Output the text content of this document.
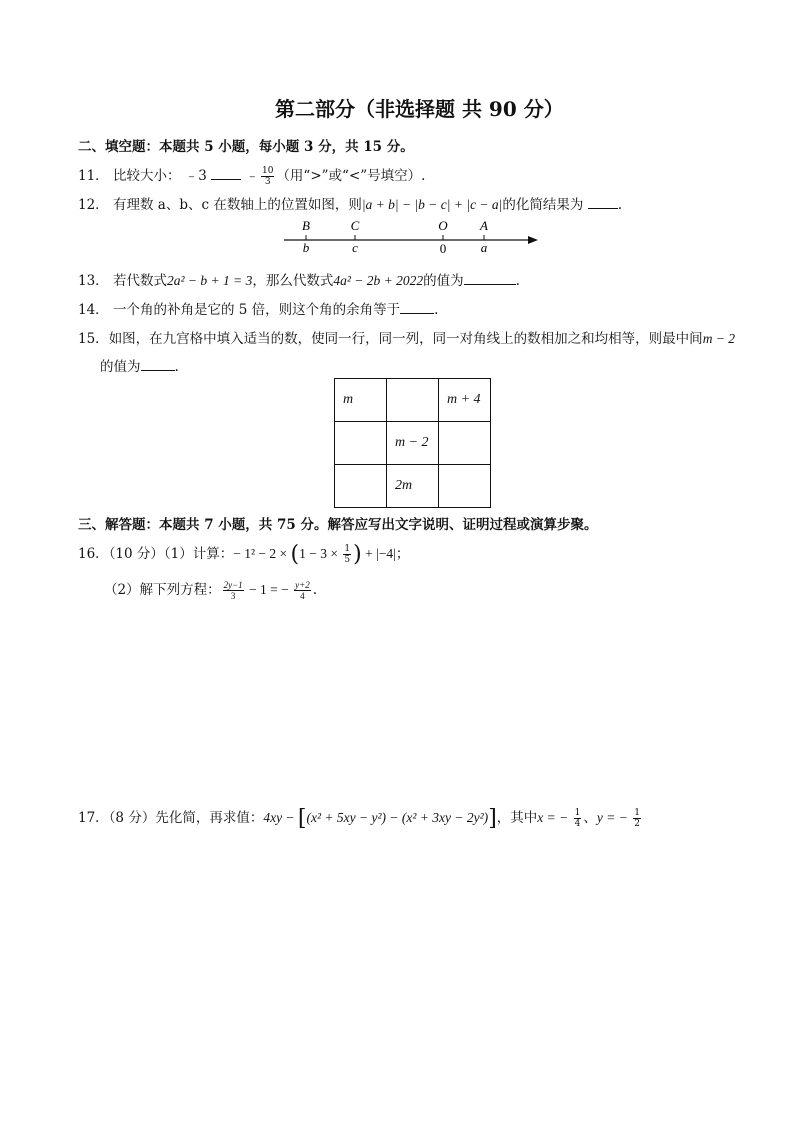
第二部分（非选择题 共 90 分）
二、填空题：本题共 5 小题，每小题 3 分，共 15 分。
11． 比较大小： ﹣3	﹣ $\frac{10}{3}$ （用“>”或“<”号填空）.
12． 有理数 a、b、c 在数轴上的位置如图，则|a + b| − |b − c| + |c − a|的化简结果为	.
B	C	O A
b	c	0	a
13． 若代数式2a² − b + 1 = 3，那么代数式4a² − 2b + 2022的值为	.
14． 一个角的补角是它的 5 倍，则这个角的余角等于	.
15．如图，在九宫格中填入适当的数，使同一行，同一列，同一对角线上的数相加之和均相等，则最中间m − 2
的值为	.
m		m + 4
	m − 2	
	2m	
三、解答题：本题共 7 小题，共 75 分。解答应写出文字说明、证明过程或演算步聚。
16．（10 分）（1）计算：− $1^2 - 2 \times (1 - 3 \times \frac{1}{5}$ ) + |−4|；
（2）解下列方程： $\frac{2y-1}{3} - 1$ = − $\frac{y+2}{4}$ .
17．（8 分）先化简，再求值：4xy − [(x² + 5xy − y²) − (x² + 3xy − 2y²)]，其中x = − $\frac{1}{4}$ 、y = − $\frac{1}{2}$
